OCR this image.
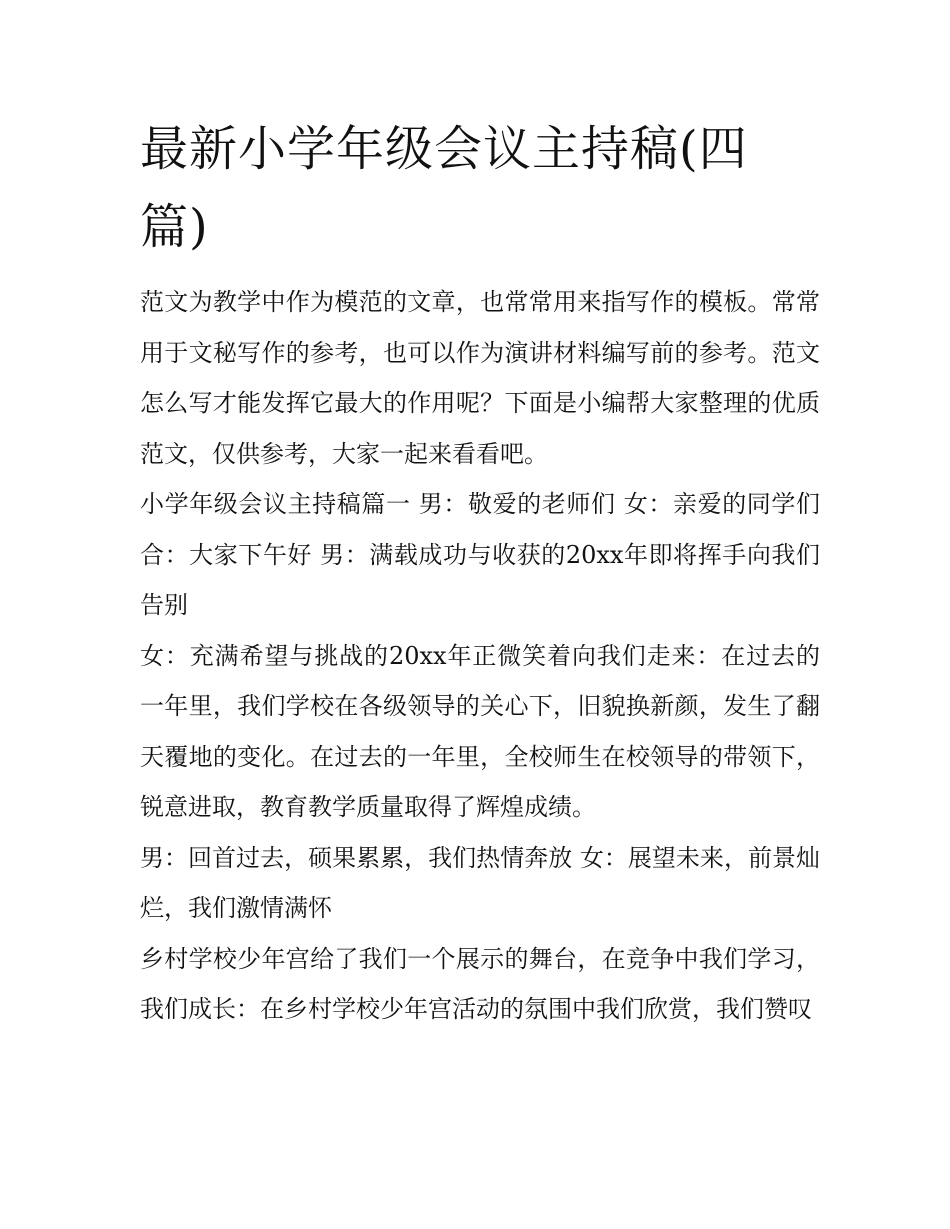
最新小学年级会议主持稿(四篇)

范文为教学中作为模范的文章，也常常用来指写作的模板。常常用于文秘写作的参考，也可以作为演讲材料编写前的参考。范文怎么写才能发挥它最大的作用呢？下面是小编帮大家整理的优质范文，仅供参考，大家一起来看看吧。

小学年级会议主持稿篇一 男：敬爱的老师们 女：亲爱的同学们 合：大家下午好 男：满载成功与收获的20xx年即将挥手向我们告别

女：充满希望与挑战的20xx年正微笑着向我们走来：在过去的一年里，我们学校在各级领导的关心下，旧貌换新颜，发生了翻天覆地的变化。在过去的一年里，全校师生在校领导的带领下，锐意进取，教育教学质量取得了辉煌成绩。

男：回首过去，硕果累累，我们热情奔放 女：展望未来，前景灿烂，我们激情满怀

乡村学校少年宫给了我们一个展示的舞台，在竞争中我们学习，我们成长：在乡村学校少年宫活动的氛围中我们欣赏，我们赞叹
